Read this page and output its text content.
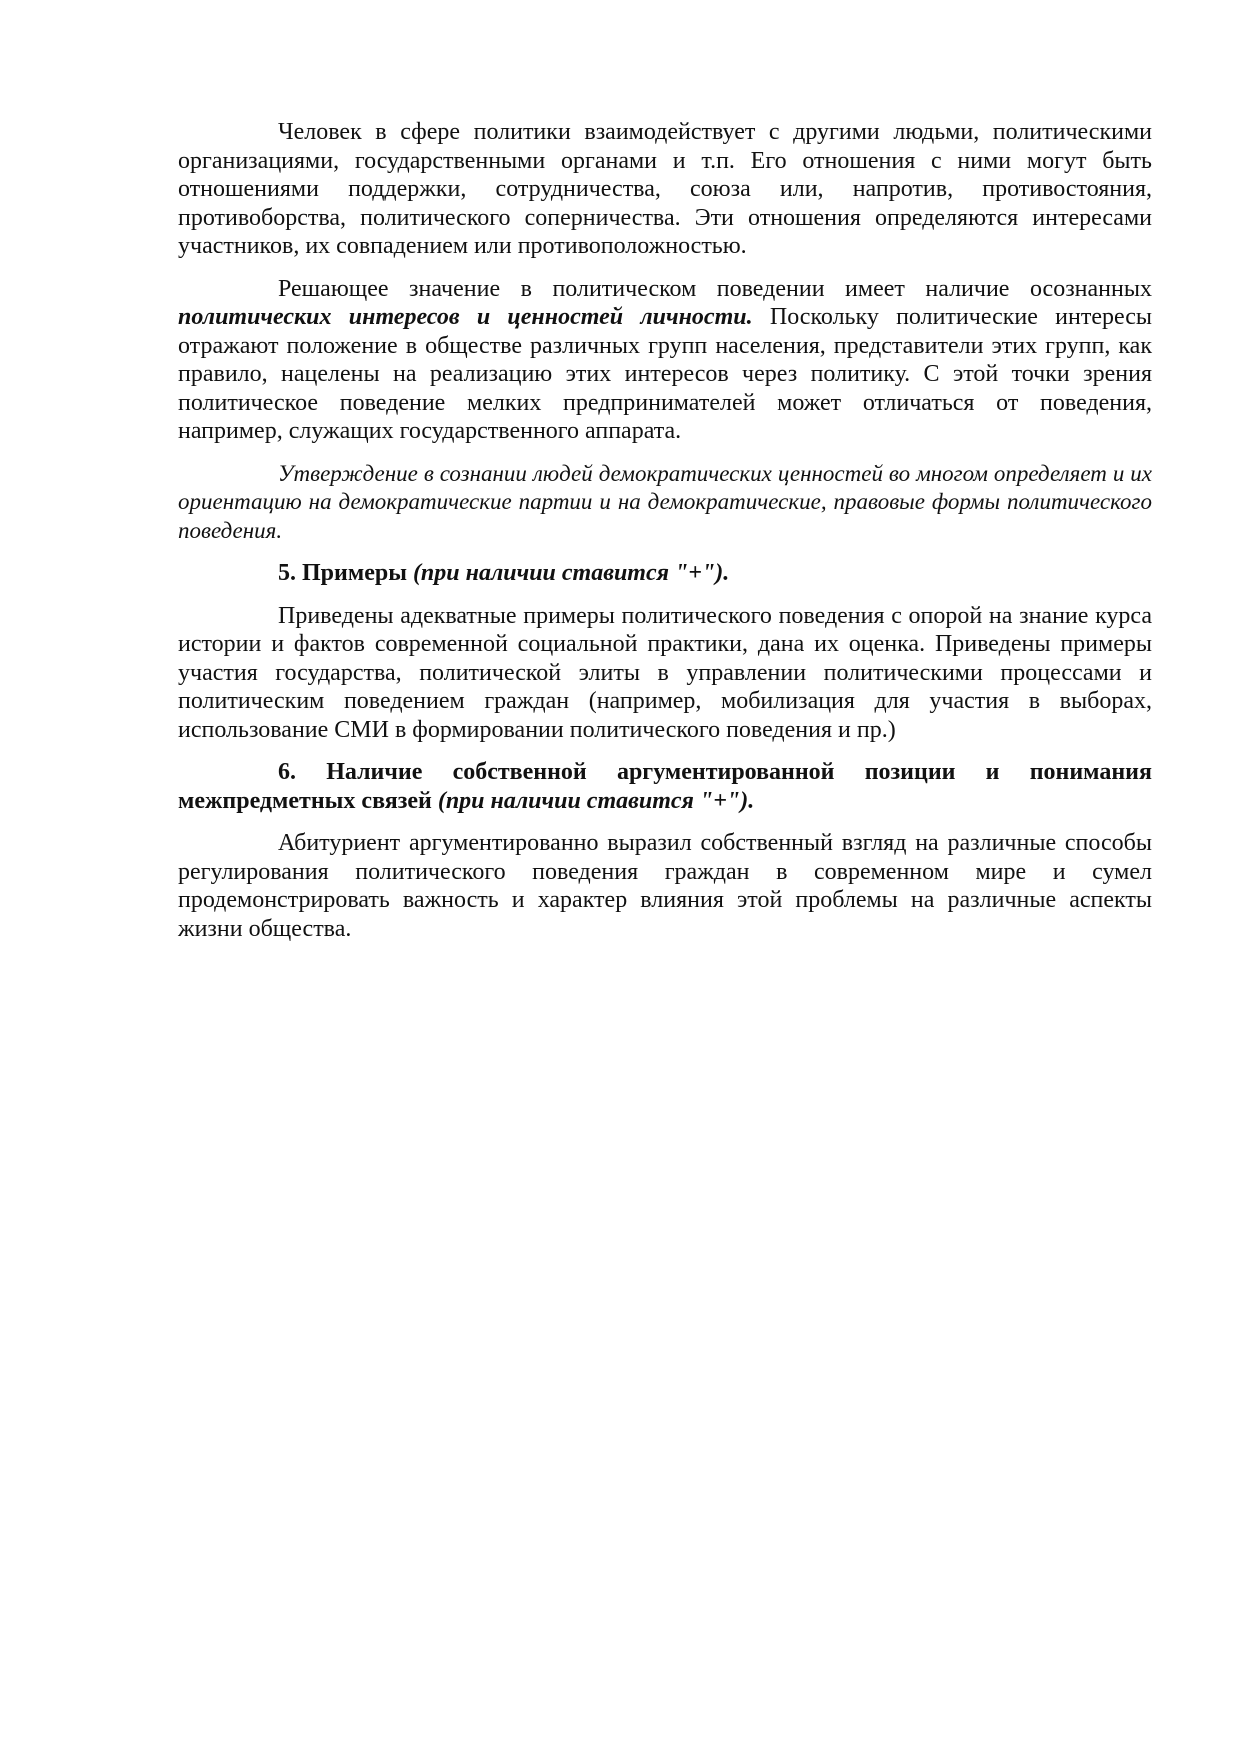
Человек в сфере политики взаимодействует с другими людьми, политическими организациями, государственными органами и т.п. Его отношения с ними могут быть отношениями поддержки, сотрудничества, союза или, напротив, противостояния, противоборства, политического соперничества. Эти отношения определяются интересами участников, их совпадением или противоположностью.

Решающее значение в политическом поведении имеет наличие осознанных политических интересов и ценностей личности. Поскольку политические интересы отражают положение в обществе различных групп населения, представители этих групп, как правило, нацелены на реализацию этих интересов через политику. С этой точки зрения политическое поведение мелких предпринимателей может отличаться от поведения, например, служащих государственного аппарата.

Утверждение в сознании людей демократических ценностей во многом определяет и их ориентацию на демократические партии и на демократические, правовые формы политического поведения.

5. Примеры (при наличии ставится "+").

Приведены адекватные примеры политического поведения с опорой на знание курса истории и фактов современной социальной практики, дана их оценка. Приведены примеры участия государства, политической элиты в управлении политическими процессами и политическим поведением граждан (например, мобилизация для участия в выборах, использование СМИ в формировании политического поведения и пр.)

6. Наличие собственной аргументированной позиции и понимания межпредметных связей (при наличии ставится "+").

Абитуриент аргументированно выразил собственный взгляд на различные способы регулирования политического поведения граждан в современном мире и сумел продемонстрировать важность и характер влияния этой проблемы на различные аспекты жизни общества.
